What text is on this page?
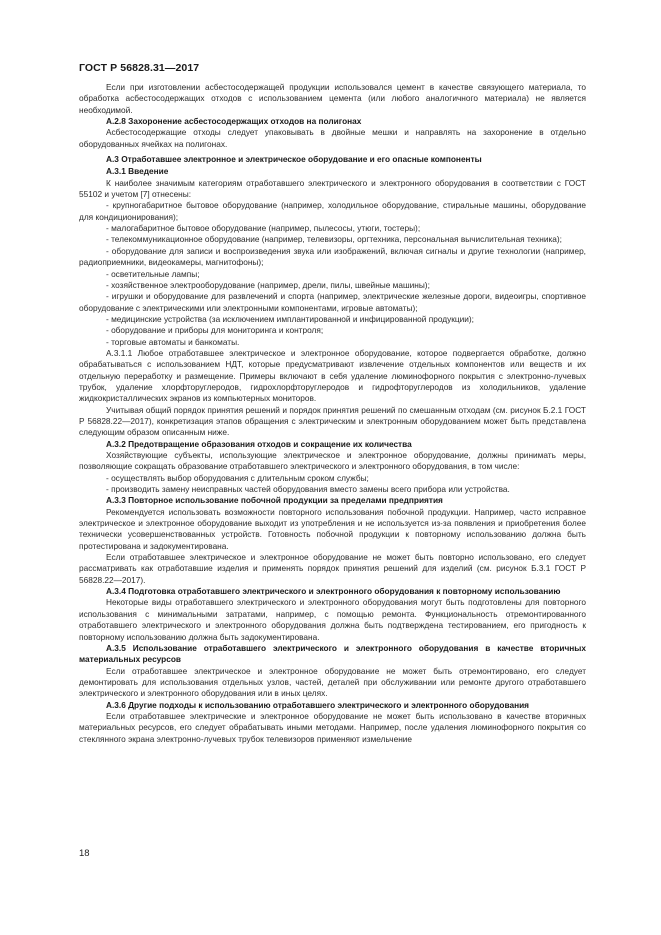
ГОСТ Р 56828.31—2017

Если при изготовлении асбестосодержащей продукции использовался цемент в качестве связующего материала, то обработка асбестосодержащих отходов с использованием цемента (или любого аналогичного материала) не является необходимой.

А.2.8 Захоронение асбестосодержащих отходов на полигонах

Асбестосодержащие отходы следует упаковывать в двойные мешки и направлять на захоронение в отдельно оборудованных ячейках на полигонах.

А.3 Отработавшее электронное и электрическое оборудование и его опасные компоненты

А.3.1 Введение

К наиболее значимым категориям отработавшего электрического и электронного оборудования в соответствии с ГОСТ 55102 и учетом [7] отнесены:

- крупногабаритное бытовое оборудование (например, холодильное оборудование, стиральные машины, оборудование для кондиционирования);

- малогабаритное бытовое оборудование (например, пылесосы, утюги, тостеры);

- телекоммуникационное оборудование (например, телевизоры, оргтехника, персональная вычислительная техника);

- оборудование для записи и воспроизведения звука или изображений, включая сигналы и другие технологии (например, радиоприемники, видеокамеры, магнитофоны);

- осветительные лампы;

- хозяйственное электрооборудование (например, дрели, пилы, швейные машины);

- игрушки и оборудование для развлечений и спорта (например, электрические железные дороги, видеоигры, спортивное оборудование с электрическими или электронными компонентами, игровые автоматы);

- медицинские устройства (за исключением имплантированной и инфицированной продукции);

- оборудование и приборы для мониторинга и контроля;

- торговые автоматы и банкоматы.

А.3.1.1 Любое отработавшее электрическое и электронное оборудование, которое подвергается обработке, должно обрабатываться с использованием НДТ, которые предусматривают извлечение отдельных компонентов или веществ и их отдельную переработку и размещение. Примеры включают в себя удаление люминофорного покрытия с электронно-лучевых трубок, удаление хлорфторуглеродов, гидрохлорфторуглеродов и гидрофторуглеродов из холодильников, удаление жидкокристаллических экранов из компьютерных мониторов.

Учитывая общий порядок принятия решений и порядок принятия решений по смешанным отходам (см. рисунок Б.2.1 ГОСТ Р 56828.22—2017), конкретизация этапов обращения с электрическим и электронным оборудованием может быть представлена следующим образом описанным ниже.

А.3.2 Предотвращение образования отходов и сокращение их количества

Хозяйствующие субъекты, использующие электрическое и электронное оборудование, должны принимать меры, позволяющие сокращать образование отработавшего электрического и электронного оборудования, в том числе:

- осуществлять выбор оборудования с длительным сроком службы;

- производить замену неисправных частей оборудования вместо замены всего прибора или устройства.

А.3.3 Повторное использование побочной продукции за пределами предприятия

Рекомендуется использовать возможности повторного использования побочной продукции. Например, часто исправное электрическое и электронное оборудование выходит из употребления и не используется из-за появления и приобретения более технически усовершенствованных устройств. Готовность побочной продукции к повторному использованию должна быть протестирована и задокументирована.

Если отработавшее электрическое и электронное оборудование не может быть повторно использовано, его следует рассматривать как отработавшие изделия и применять порядок принятия решений для изделий (см. рисунок Б.3.1 ГОСТ Р 56828.22—2017).

А.3.4 Подготовка отработавшего электрического и электронного оборудования к повторному использованию

Некоторые виды отработавшего электрического и электронного оборудования могут быть подготовлены для повторного использования с минимальными затратами, например, с помощью ремонта. Функциональность отремонтированного отработавшего электрического и электронного оборудования должна быть подтверждена тестированием, его пригодность к повторному использованию должна быть задокументирована.

А.3.5 Использование отработавшего электрического и электронного оборудования в качестве вторичных материальных ресурсов

Если отработавшее электрическое и электронное оборудование не может быть отремонтировано, его следует демонтировать для использования отдельных узлов, частей, деталей при обслуживании или ремонте другого отработавшего электрического и электронного оборудования или в иных целях.

А.3.6 Другие подходы к использованию отработавшего электрического и электронного оборудования

Если отработавшее электрические и электронное оборудование не может быть использовано в качестве вторичных материальных ресурсов, его следует обрабатывать иными методами. Например, после удаления люминофорного покрытия со стеклянного экрана электронно-лучевых трубок телевизоров применяют измельчение

18
